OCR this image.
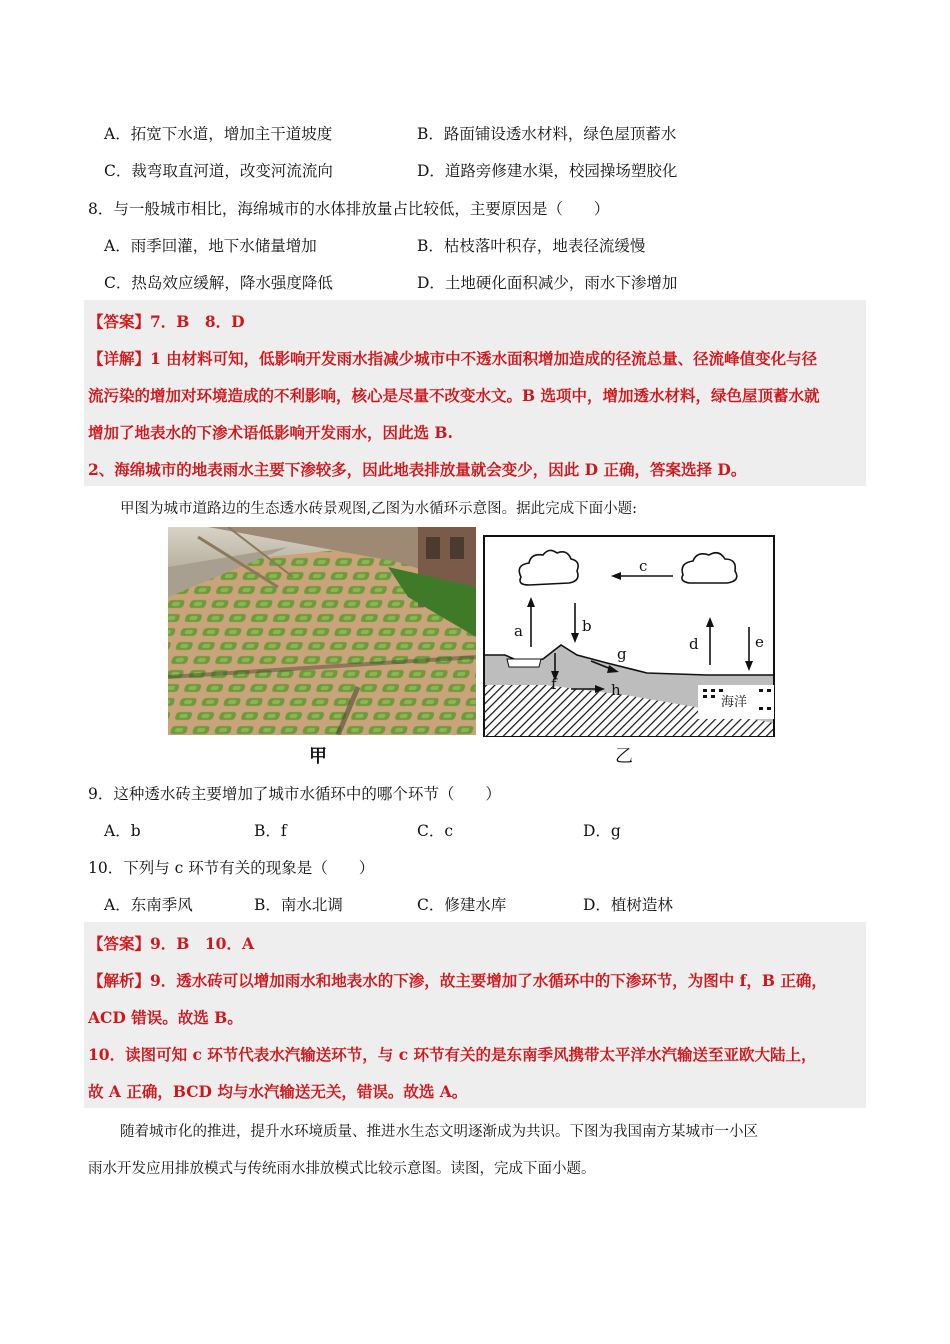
A．拓宽下水道，增加主干道坡度	B．路面铺设透水材料，绿色屋顶蓄水
C．裁弯取直河道，改变河流流向	D．道路旁修建水渠，校园操场塑胶化
8．与一般城市相比，海绵城市的水体排放量占比较低，主要原因是（　　）
A．雨季回灌，地下水储量增加	B．枯枝落叶积存，地表径流缓慢
C．热岛效应缓解，降水强度降低	D．土地硬化面积减少，雨水下渗增加
【答案】7．B　8．D
【详解】1 由材料可知，低影响开发雨水指减少城市中不透水面积增加造成的径流总量、径流峰值变化与径
流污染的增加对环境造成的不利影响，核心是尽量不改变水文。B 选项中，增加透水材料，绿色屋顶蓄水就
增加了地表水的下渗术语低影响开发雨水，因此选 B.
2、海绵城市的地表雨水主要下渗较多，因此地表排放量就会变少，因此 D 正确，答案选择 D。
甲图为城市道路边的生态透水砖景观图,乙图为水循环示意图。据此完成下面小题:
a	b
c
d	e
f
g
h
海洋
甲	乙
9．这种透水砖主要增加了城市水循环中的哪个环节（　　）
A．b	B．f	C．c	D．g
10．下列与 c 环节有关的现象是（　　）
A．东南季风	B．南水北调	C．修建水库	D．植树造林
【答案】9．B　10．A
【解析】9．透水砖可以增加雨水和地表水的下渗，故主要增加了水循环中的下渗环节，为图中 f，B 正确，
ACD 错误。故选 B。
10．读图可知 c 环节代表水汽输送环节，与 c 环节有关的是东南季风携带太平洋水汽输送至亚欧大陆上，
故 A 正确，BCD 均与水汽输送无关，错误。故选 A。
随着城市化的推进，提升水环境质量、推进水生态文明逐渐成为共识。下图为我国南方某城市一小区
雨水开发应用排放模式与传统雨水排放模式比较示意图。读图，完成下面小题。
